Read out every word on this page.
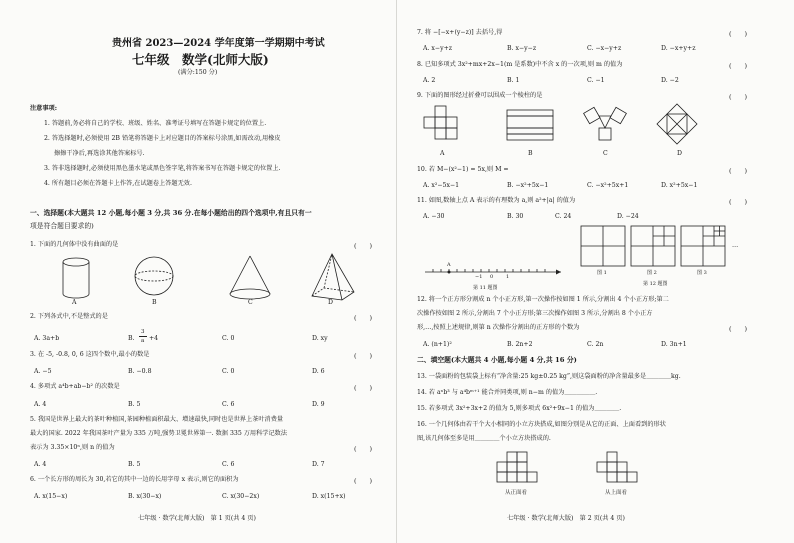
贵州省 2023—2024 学年度第一学期期中考试
七年级　数学(北师大版)
(满分:150 分)
注意事项:
1. 答题前,务必将自己的学校、班级、姓名、准考证号填写在答题卡规定的位置上.
2. 答选择题时,必须使用 2B 铅笔将答题卡上对应题目的答案标号涂黑,如需改动,用橡皮
擦擦干净后,再选涂其他答案标号.
3. 答非选择题时,必须使用黑色墨水笔或黑色签字笔,将答案书写在答题卡规定的位置上.
4. 所有题目必须在答题卡上作答,在试题卷上答题无效.
一、选择题(本大题共 12 小题,每小题 3 分,共 36 分.在每小题给出的四个选项中,有且只有一
项是符合题目要求的)
1. 下面的几何体中没有曲面的是	(　　)
A	B	C	D
2. 下列各式中,不是整式的是	(　　)
A. 3a+b	B.
3
a +4	C. 0	D. xy
3. 在 -5, -0.8, 0, 6 这四个数中,最小的数是	(　　)
A. −5	B. −0.8	C. 0	D. 6
4. 多项式 a⁴b+ab−b² 的次数是	(　　)
A. 4	B. 5	C. 6	D. 9
5. 我国是世界上最大的茶叶种植国,茶园种植面积最大、增速最快,同时也是世界上茶叶消费量
最大的国家. 2022 年我国茶叶产量为 335 万吨,强势卫冕世界第一. 数据 335 万用科学记数法
表示为 3.35×10ⁿ,则 n 的值为	(　　)
A. 4	B. 5	C. 6	D. 7
6. 一个长方形的周长为 30,若它的其中一边的长用字母 x 表示,则它的面积为	(　　)
A. x(15−x)	B. x(30−x)	C. x(30−2x)	D. x(15+x)
七年级 · 数学(北师大版)　第 1 页(共 4 页)
7. 将 −[−x+(y−z)] 去括号,得	(　　)
A. x−y+z	B. x−y−z	C. −x−y+z	D. −x+y+z
8. 已知多项式 3x²+mx+2x−1(m 是系数)中不含 x 的一次项,则 m 的值为	(　　)
A. 2	B. 1	C. −1	D. −2
9. 下面的图形经过折叠可以围成一个棱柱的是	(　　)
A	B	C	D
10. 若 M−(x²−1) = 5x,则 M =	(　　)
A. x²−5x−1	B. −x²+5x−1	C. −x²+5x+1	D. x²+5x−1
11. 如图,数轴上点 A 表示的有理数为 a,则 a²+|a| 的值为	(　　)
A. −30	B. 30	C. 24	D. −24
A
−1 0	1
第 11 题图
…
图 1	图 2	图 3
第 12 题图
12. 将一个正方形分割成 n 个小正方形,第一次操作按如图 1 所示,分割出 4 个小正方形;第二
次操作按如图 2 所示,分割出 7 个小正方形;第三次操作如图 3 所示,分割出 8 个小正方
形,…,按照上述规律,则第 n 次操作分割出的正方形的个数为	(　　)
A. (n+1)²	B. 2n+2	C. 2n	D. 3n+1
二、填空题(本大题共 4 小题,每小题 4 分,共 16 分)
13. 一袋面粉的包装袋上标有“净含量:25 kg±0.25 kg”,则这袋面粉的净含量最多是＿＿＿＿kg.
14. 若 aⁿb³ 与 a⁴bᵐ⁺¹ 能合并同类项,则 n−m 的值为＿＿＿＿＿.
15. 若多项式 3x²+3x+2 的值为 5,则多项式 6x²+9x−1 的值为＿＿＿＿.
16. 一个几何体由若干个大小相同的小立方块搭成,如图分别是从它的正面、上面看到的形状
图,该几何体至多是用＿＿＿＿个小立方块搭成的.
从正面看	从上面看
七年级 · 数学(北师大版)　第 2 页(共 4 页)
